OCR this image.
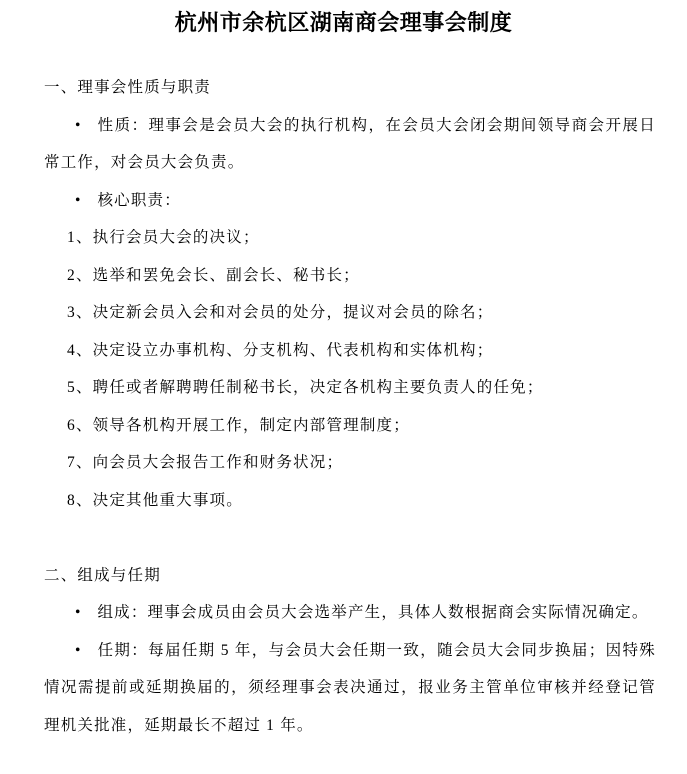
杭州市余杭区湖南商会理事会制度

一、理事会性质与职责

• 性质：理事会是会员大会的执行机构，在会员大会闭会期间领导商会开展日常工作，对会员大会负责。

• 核心职责：

1、执行会员大会的决议；

2、选举和罢免会长、副会长、秘书长；

3、决定新会员入会和对会员的处分，提议对会员的除名；

4、决定设立办事机构、分支机构、代表机构和实体机构；

5、聘任或者解聘聘任制秘书长，决定各机构主要负责人的任免；

6、领导各机构开展工作，制定内部管理制度；

7、向会员大会报告工作和财务状况；

8、决定其他重大事项。

二、组成与任期

• 组成：理事会成员由会员大会选举产生，具体人数根据商会实际情况确定。

• 任期：每届任期 5 年，与会员大会任期一致，随会员大会同步换届；因特殊情况需提前或延期换届的，须经理事会表决通过，报业务主管单位审核并经登记管理机关批准，延期最长不超过 1 年。
